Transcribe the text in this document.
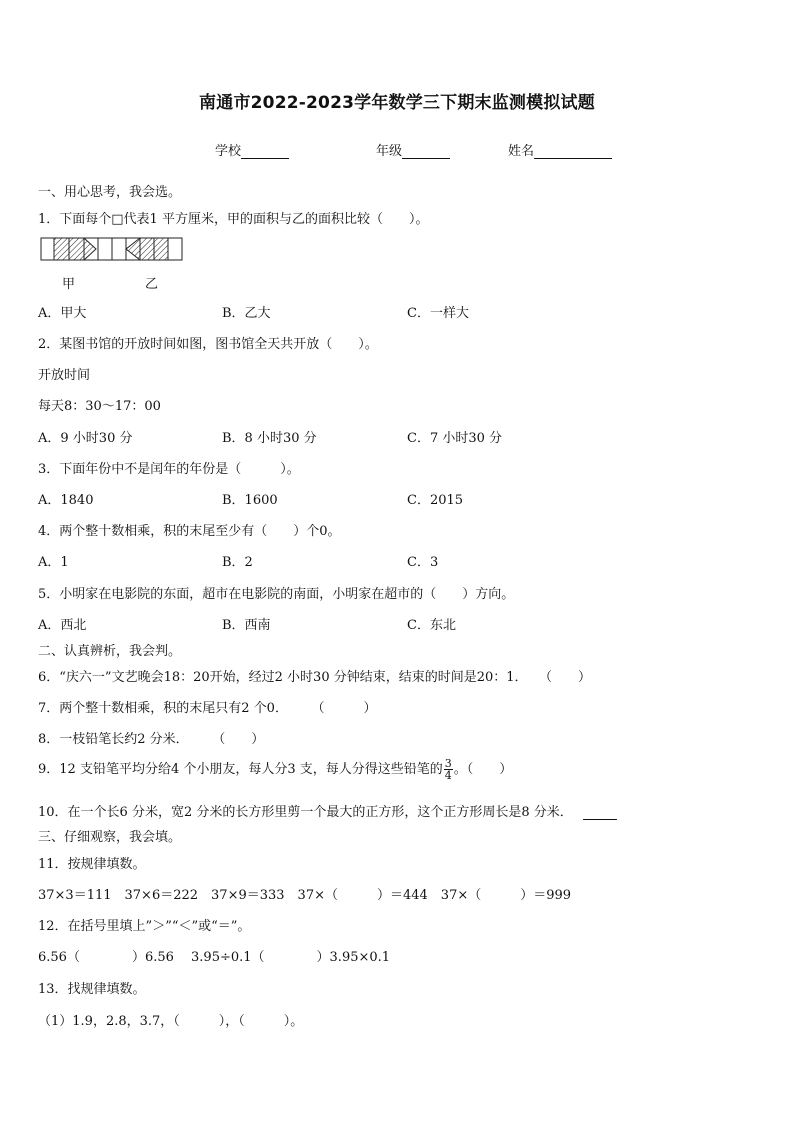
南通市2022-2023学年数学三下期末监测模拟试题
学校	年级	姓名
一、用心思考，我会选。
1．下面每个□代表1 平方厘米，甲的面积与乙的面积比较（　　）。
甲	乙
A．甲大	B．乙大	C．一样大
2．某图书馆的开放时间如图，图书馆全天共开放（　　）。
开放时间
每天8：30～17：00
A．9 小时30 分	B．8 小时30 分	C．7 小时30 分
3．下面年份中不是闰年的年份是（　　　）。
A．1840	B．1600	C．2015
4．两个整十数相乘，积的末尾至少有（　　）个0。
A．1	B．2	C．3
5．小明家在电影院的东面，超市在电影院的南面，小明家在超市的（　　）方向。
A．西北	B．西南	C．东北
二、认真辨析，我会判。
6．“庆六一”文艺晚会18：20开始，经过2 小时30 分钟结束，结束的时间是20：1． （　　）
7．两个整十数相乘，积的末尾只有2 个0． （　　　）
8．一枝铅笔长约2 分米． （　　）
9．12 支铅笔平均分给4 个小朋友，每人分3 支，每人分得这些铅笔的 $\frac{3}{4}$ 。（　　）
10．在一个长6 分米，宽2 分米的长方形里剪一个最大的正方形，这个正方形周长是8 分米．
三、仔细观察，我会填。
11．按规律填数。
37×3＝111　37×6＝222　37×9＝333　37×（　　　）＝444　37×（　　　）＝999
12．在括号里填上”＞”“＜”或“＝”。
6.56（　　　　）6.56　 3.95÷0.1（　　　　）3.95×0.1
13．找规律填数。
（1）1.9，2.8，3.7，（　　　），（　　　）。
